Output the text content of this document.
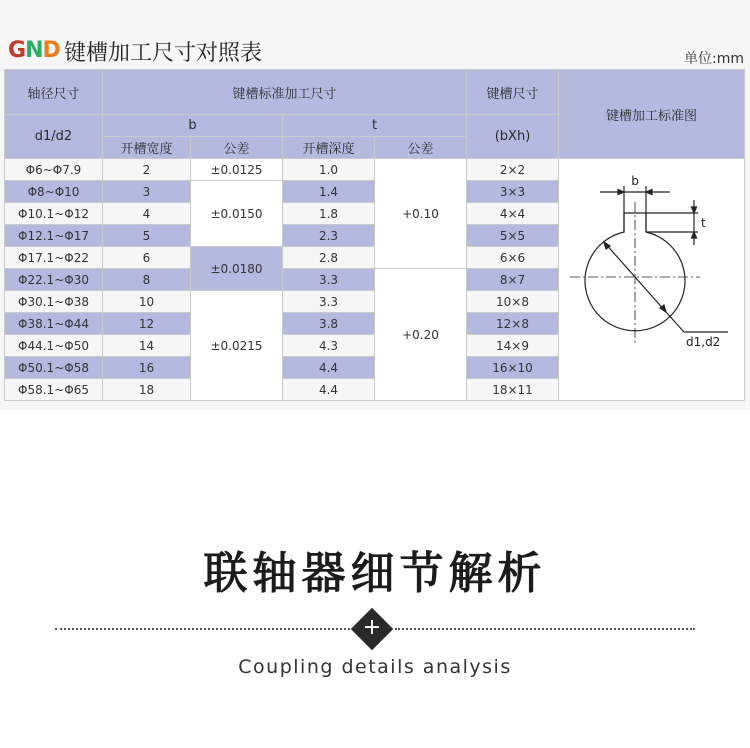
GND 键槽加工尺寸对照表	单位:mm
轴径尺寸	键槽标准加工尺寸				键槽尺寸	键槽加工标准图
d1/d2	b		t		(bXh)	
	开槽宽度	公差	开槽深度	公差		
Φ6~Φ7.9	2	±0.0125	1.0	+0.10	2×2	b
t
d1,d2

Φ8~Φ10	3	±0.0150	1.4		3×3	
Φ10.1~Φ12	4		1.8		4×4	
Φ12.1~Φ17	5		2.3		5×5	
Φ17.1~Φ22	6	±0.0180	2.8		6×6	
Φ22.1~Φ30	8		3.3	+0.20	8×7	
Φ30.1~Φ38	10	±0.0215	3.3		10×8	
Φ38.1~Φ44	12		3.8		12×8	
Φ44.1~Φ50	14		4.3		14×9	
Φ50.1~Φ58	16		4.4		16×10	
Φ58.1~Φ65	18		4.4		18×11	
联轴器细节解析
+
Coupling details analysis
